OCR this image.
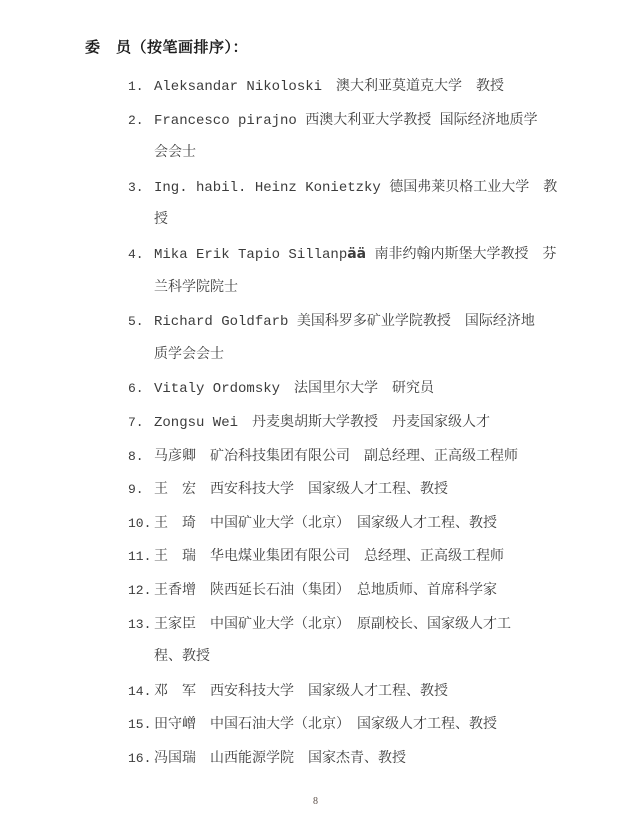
委　员（按笔画排序）：
1. Aleksandar Nikoloski　澳大利亚莫道克大学　教授
2. Francesco pirajno 西澳大利亚大学教授 国际经济地质学
会会士
3. Ing. habil. Heinz Konietzky 德国弗莱贝格工业大学　教
授
4. Mika Erik Tapio Sillanpää 南非约翰内斯堡大学教授　芬
兰科学院院士
5. Richard Goldfarb 美国科罗多矿业学院教授　国际经济地
质学会会士
6. Vitaly Ordomsky　法国里尔大学　研究员
7. Zongsu Wei　丹麦奥胡斯大学教授　丹麦国家级人才
8. 马彦卿　矿冶科技集团有限公司　副总经理、正高级工程师
9. 王　宏　西安科技大学　国家级人才工程、教授
10. 王　琦　中国矿业大学（北京）　国家级人才工程、教授
11. 王　瑞　华电煤业集团有限公司　总经理、正高级工程师
12. 王香增　陕西延长石油（集团）　总地质师、首席科学家
13. 王家臣　中国矿业大学（北京）　原副校长、国家级人才工
程、教授
14. 邓　军　西安科技大学　国家级人才工程、教授
15. 田守嶒　中国石油大学（北京）　国家级人才工程、教授
16. 冯国瑞　山西能源学院　国家杰青、教授
8
